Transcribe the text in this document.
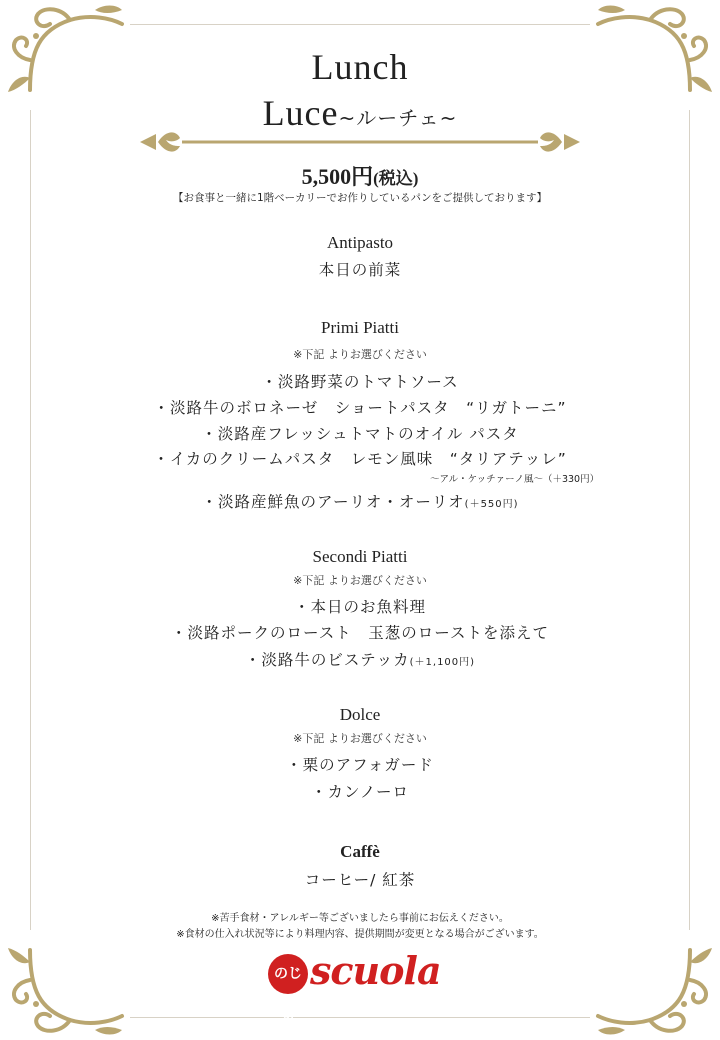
Lunch
Luce~ルーチェ~
5,500円(税込)
【お食事と一緒に1階ベーカリーでお作りしているパンをご提供しております】
Antipasto
本日の前菜
Primi Piatti
※下記 よりお選びください
・淡路野菜のトマトソース
・淡路牛のボロネーゼ　ショートパスタ　“リガトーニ”
・淡路産フレッシュトマトのオイル パスタ
・イカのクリームパスタ　レモン風味　“タリアテッレ”
～アル・ケッチァーノ風～（＋330円）
・淡路産鮮魚のアーリオ・オーリオ(＋550円)
Secondi Piatti
※下記 よりお選びください
・本日のお魚料理
・淡路ポークのロースト　玉葱のローストを添えて
・淡路牛のビステッカ(＋1,100円)
Dolce
※下記 よりお選びください
・栗のアフォガード
・カンノーロ
Caffè
コーヒー/ 紅茶
※苦手食材・アレルギー等ございましたら事前にお伝えください。
※食材の仕入れ状況等により料理内容、提供期間が変更となる場合がございます。
のじま
scuola
